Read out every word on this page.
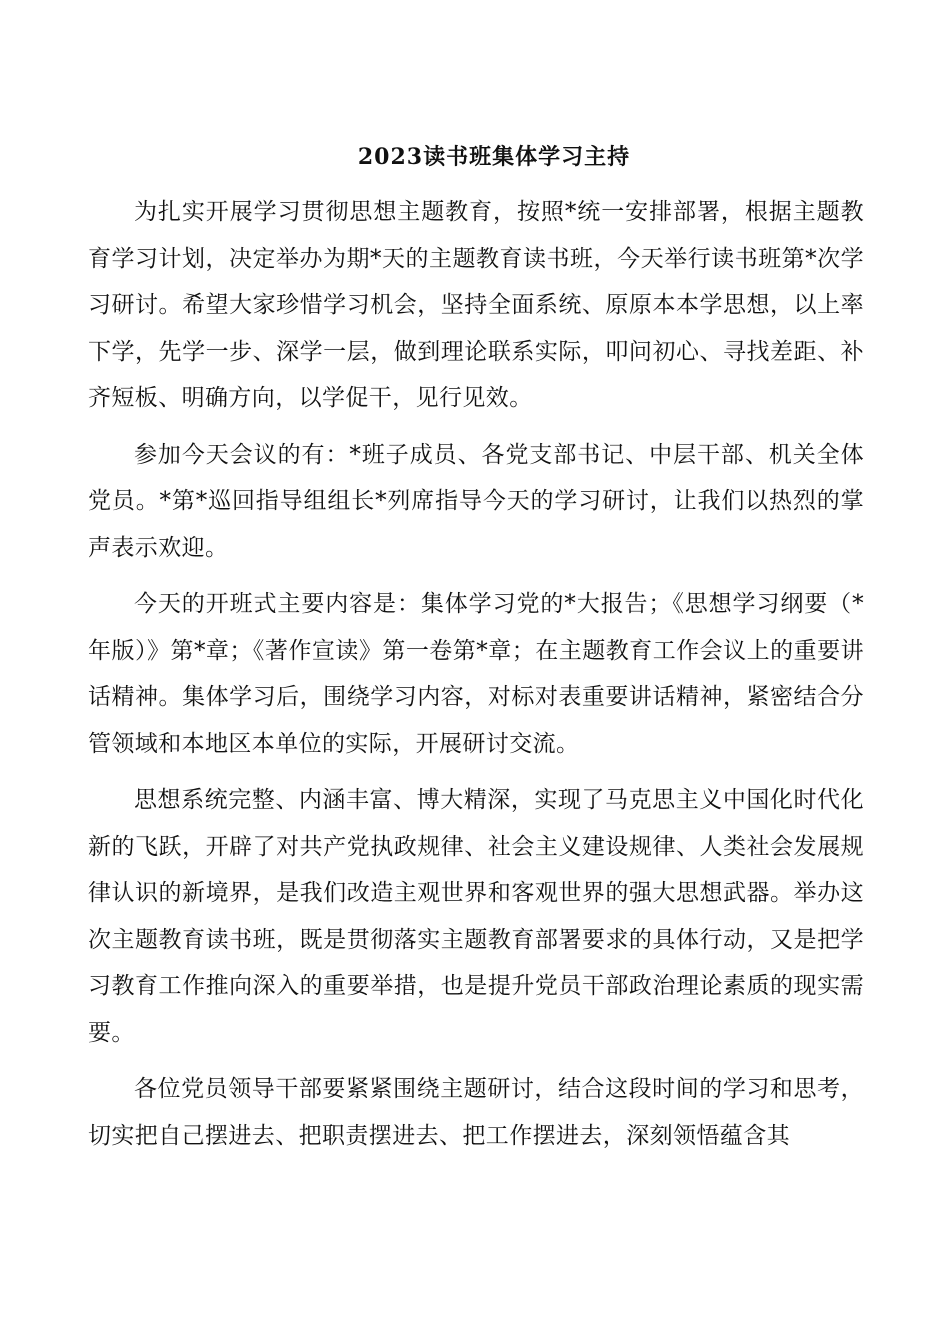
2023读书班集体学习主持

为扎实开展学习贯彻思想主题教育，按照*统一安排部署，根据主题教育学习计划，决定举办为期*天的主题教育读书班，今天举行读书班第*次学习研讨。希望大家珍惜学习机会，坚持全面系统、原原本本学思想，以上率下学，先学一步、深学一层，做到理论联系实际，叩问初心、寻找差距、补齐短板、明确方向，以学促干，见行见效。

参加今天会议的有：*班子成员、各党支部书记、中层干部、机关全体党员。*第*巡回指导组组长*列席指导今天的学习研讨，让我们以热烈的掌声表示欢迎。

今天的开班式主要内容是：集体学习党的*大报告；《思想学习纲要（*年版）》第*章；《著作宣读》第一卷第*章；在主题教育工作会议上的重要讲话精神。集体学习后，围绕学习内容，对标对表重要讲话精神，紧密结合分管领域和本地区本单位的实际，开展研讨交流。

思想系统完整、内涵丰富、博大精深，实现了马克思主义中国化时代化新的飞跃，开辟了对共产党执政规律、社会主义建设规律、人类社会发展规律认识的新境界，是我们改造主观世界和客观世界的强大思想武器。举办这次主题教育读书班，既是贯彻落实主题教育部署要求的具体行动，又是把学习教育工作推向深入的重要举措，也是提升党员干部政治理论素质的现实需要。

各位党员领导干部要紧紧围绕主题研讨，结合这段时间的学习和思考，切实把自己摆进去、把职责摆进去、把工作摆进去，深刻领悟蕴含其
